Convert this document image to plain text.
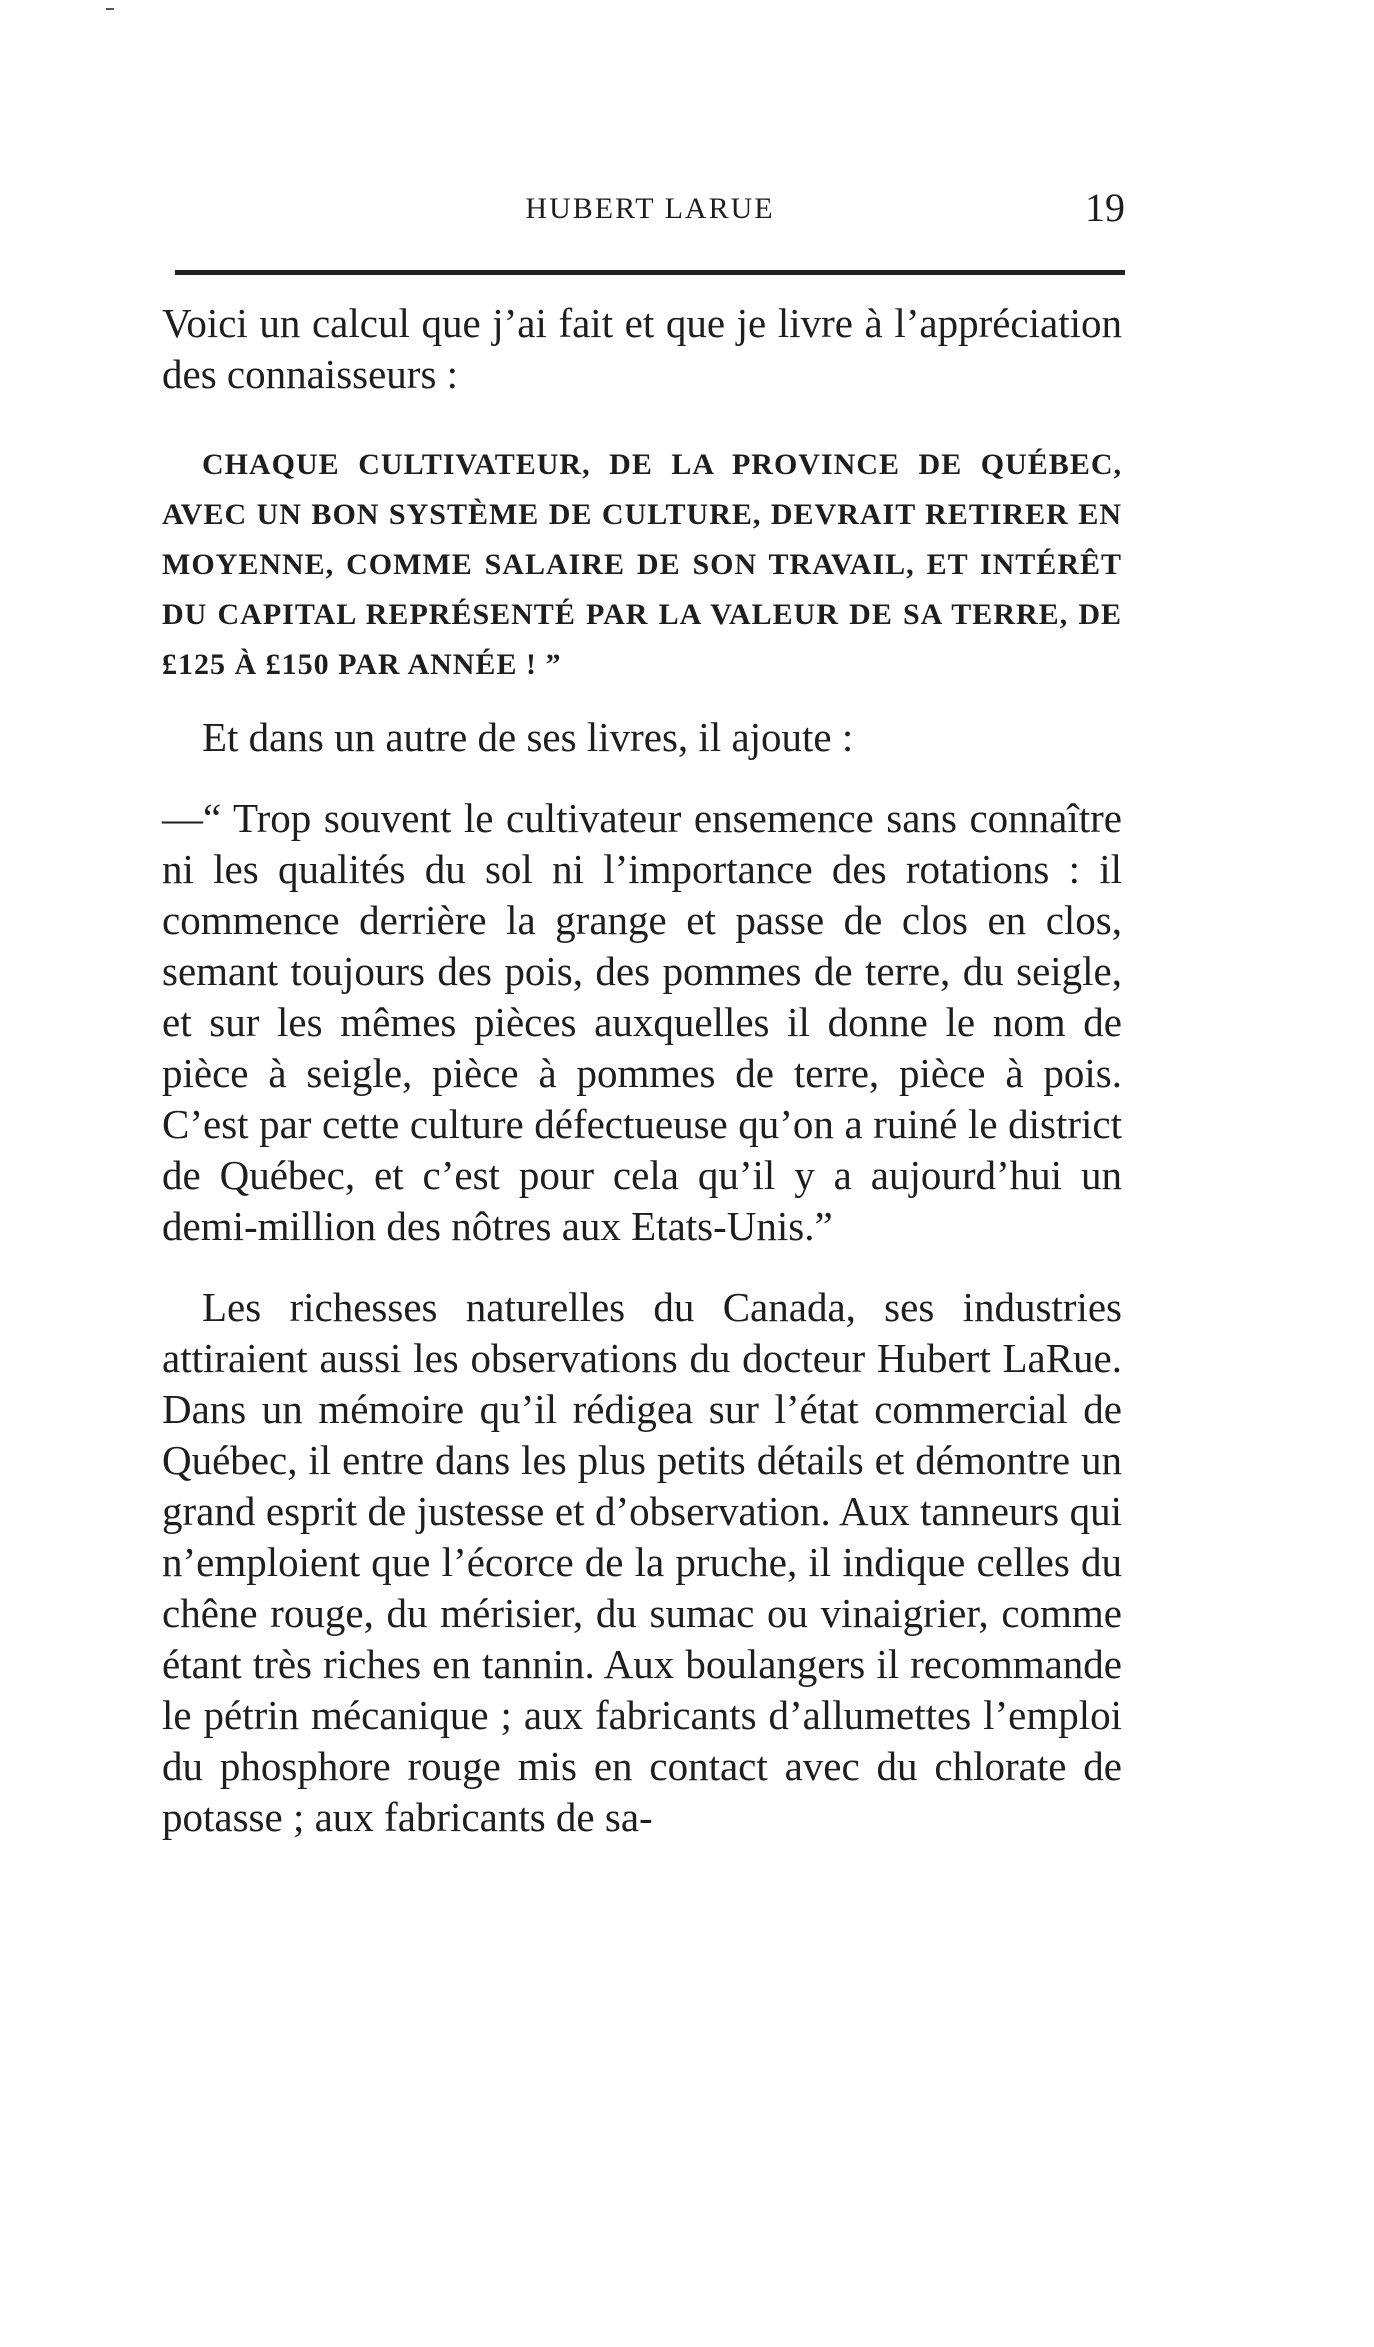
HUBERT LARUE	19

Voici un calcul que j’ai fait et que je livre à l’appréciation des connaisseurs :

CHAQUE CULTIVATEUR, DE LA PROVINCE DE QUÉBEC, AVEC UN BON SYSTÈME DE CULTURE, DEVRAIT RETIRER EN MOYENNE, COMME SALAIRE DE SON TRAVAIL, ET INTÉRÊT DU CAPITAL REPRÉSENTÉ PAR LA VALEUR DE SA TERRE, DE £125 À £150 PAR ANNÉE ! ”

Et dans un autre de ses livres, il ajoute :

—“ Trop souvent le cultivateur ensemence sans connaître ni les qualités du sol ni l’importance des rotations : il commence derrière la grange et passe de clos en clos, semant toujours des pois, des pommes de terre, du seigle, et sur les mêmes pièces auxquelles il donne le nom de pièce à seigle, pièce à pommes de terre, pièce à pois. C’est par cette culture défectueuse qu’on a ruiné le district de Québec, et c’est pour cela qu’il y a aujourd’hui un demi-million des nôtres aux Etats-Unis.”

Les richesses naturelles du Canada, ses industries attiraient aussi les observations du docteur Hubert LaRue. Dans un mémoire qu’il rédigea sur l’état commercial de Québec, il entre dans les plus petits détails et démontre un grand esprit de justesse et d’observation. Aux tanneurs qui n’emploient que l’écorce de la pruche, il indique celles du chêne rouge, du mérisier, du sumac ou vinaigrier, comme étant très riches en tannin. Aux boulangers il recommande le pétrin mécanique ; aux fabricants d’allumettes l’emploi du phosphore rouge mis en contact avec du chlorate de potasse ; aux fabricants de sa-
